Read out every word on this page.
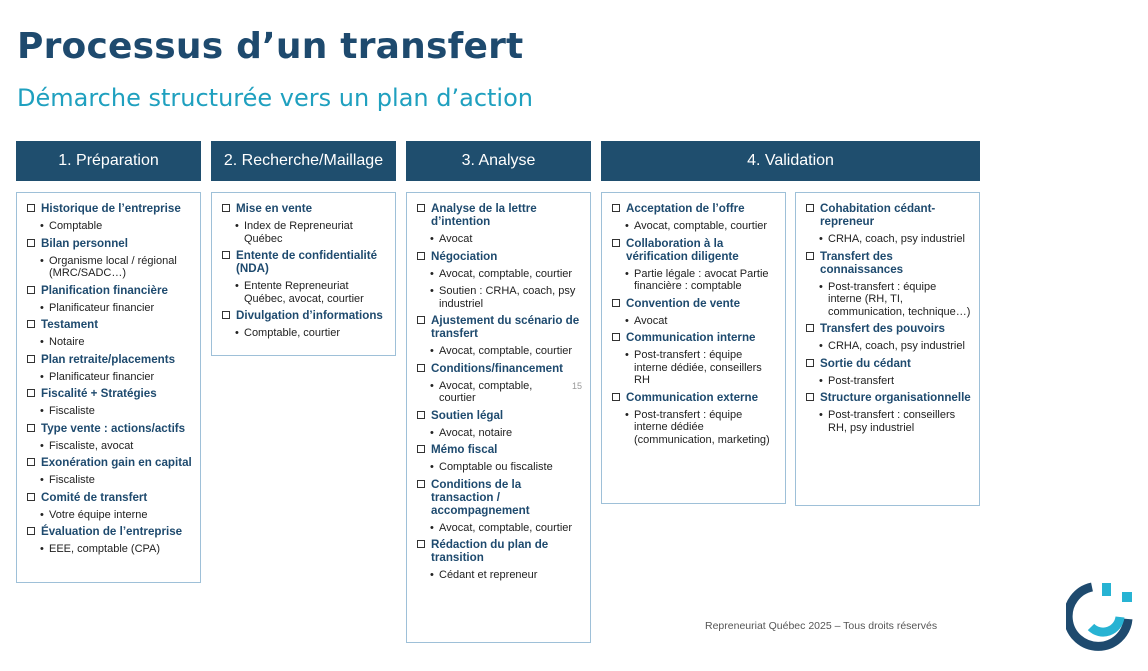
Processus d’un transfert
Démarche structurée vers un plan d’action
1. Préparation	2. Recherche/Maillage	3. Analyse	4. Validation
Historique de l’entreprise
• Comptable
Bilan personnel
• Organisme local / régional (MRC/SADC…)
Planification financière
• Planificateur financier
Testament
• Notaire
Plan retraite/placements
• Planificateur financier
Fiscalité + Stratégies
• Fiscaliste
Type vente : actions/actifs
• Fiscaliste, avocat
Exonération gain en capital
• Fiscaliste
Comité de transfert
• Votre équipe interne
Évaluation de l’entreprise
• EEE, comptable (CPA)
Mise en vente
• Index de Repreneuriat Québec
Entente de confidentialité (NDA)
• Entente Repreneuriat Québec, avocat, courtier
Divulgation d’informations
• Comptable, courtier
Analyse de la lettre d’intention
• Avocat
Négociation
• Avocat, comptable, courtier
• Soutien : CRHA, coach, psy industriel
Ajustement du scénario de transfert
• Avocat, comptable, courtier
Conditions/financement
• Avocat, comptable, courtier
15
Soutien légal
• Avocat, notaire
Mémo fiscal
• Comptable ou fiscaliste
Conditions de la transaction / accompagnement
• Avocat, comptable, courtier
Rédaction du plan de transition
• Cédant et repreneur
Acceptation de l’offre
• Avocat, comptable, courtier
Collaboration à la vérification diligente
• Partie légale : avocat Partie financière : comptable
Convention de vente
• Avocat
Communication interne
• Post-transfert : équipe interne dédiée, conseillers RH
Communication externe
• Post-transfert : équipe interne dédiée (communication, marketing)
Cohabitation cédant-repreneur
• CRHA, coach, psy industriel
Transfert des connaissances
• Post-transfert : équipe interne (RH, TI, communication, technique…)
Transfert des pouvoirs
• CRHA, coach, psy industriel
Sortie du cédant
• Post-transfert
Structure organisationnelle
• Post-transfert : conseillers RH, psy industriel
Repreneuriat Québec 2025 – Tous droits réservés
